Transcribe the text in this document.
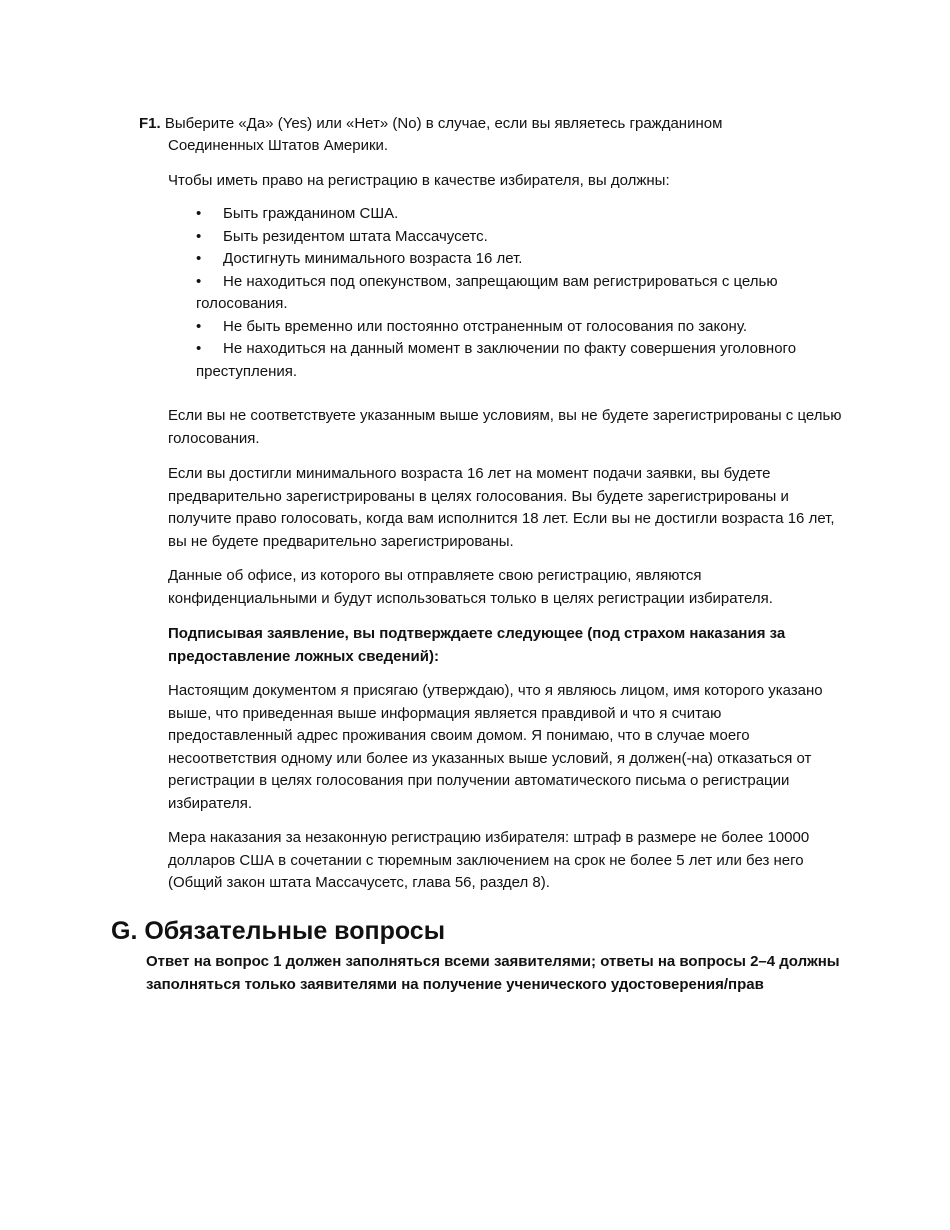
F1. Выберите «Да» (Yes) или «Нет» (No) в случае, если вы являетесь гражданином
Соединенных Штатов Америки.

Чтобы иметь право на регистрацию в качестве избирателя, вы должны:

• Быть гражданином США.
• Быть резидентом штата Массачусетс.
• Достигнуть минимального возраста 16 лет.
• Не находиться под опекунством, запрещающим вам регистрироваться с целью голосования.
• Не быть временно или постоянно отстраненным от голосования по закону.
• Не находиться на данный момент в заключении по факту совершения уголовного преступления.

Если вы не соответствуете указанным выше условиям, вы не будете зарегистрированы с целью голосования.

Если вы достигли минимального возраста 16 лет на момент подачи заявки, вы будете предварительно зарегистрированы в целях голосования. Вы будете зарегистрированы и получите право голосовать, когда вам исполнится 18 лет. Если вы не достигли возраста 16 лет, вы не будете предварительно зарегистрированы.

Данные об офисе, из которого вы отправляете свою регистрацию, являются конфиденциальными и будут использоваться только в целях регистрации избирателя.

Подписывая заявление, вы подтверждаете следующее (под страхом наказания за предоставление ложных сведений):

Настоящим документом я присягаю (утверждаю), что я являюсь лицом, имя которого указано выше, что приведенная выше информация является правдивой и что я считаю предоставленный адрес проживания своим домом. Я понимаю, что в случае моего несоответствия одному или более из указанных выше условий, я должен(-на) отказаться от регистрации в целях голосования при получении автоматического письма о регистрации избирателя.

Мера наказания за незаконную регистрацию избирателя: штраф в размере не более 10000 долларов США в сочетании с тюремным заключением на срок не более 5 лет или без него (Общий закон штата Массачусетс, глава 56, раздел 8).

G. Обязательные вопросы

Ответ на вопрос 1 должен заполняться всеми заявителями; ответы на вопросы 2–4 должны заполняться только заявителями на получение ученического удостоверения/прав
